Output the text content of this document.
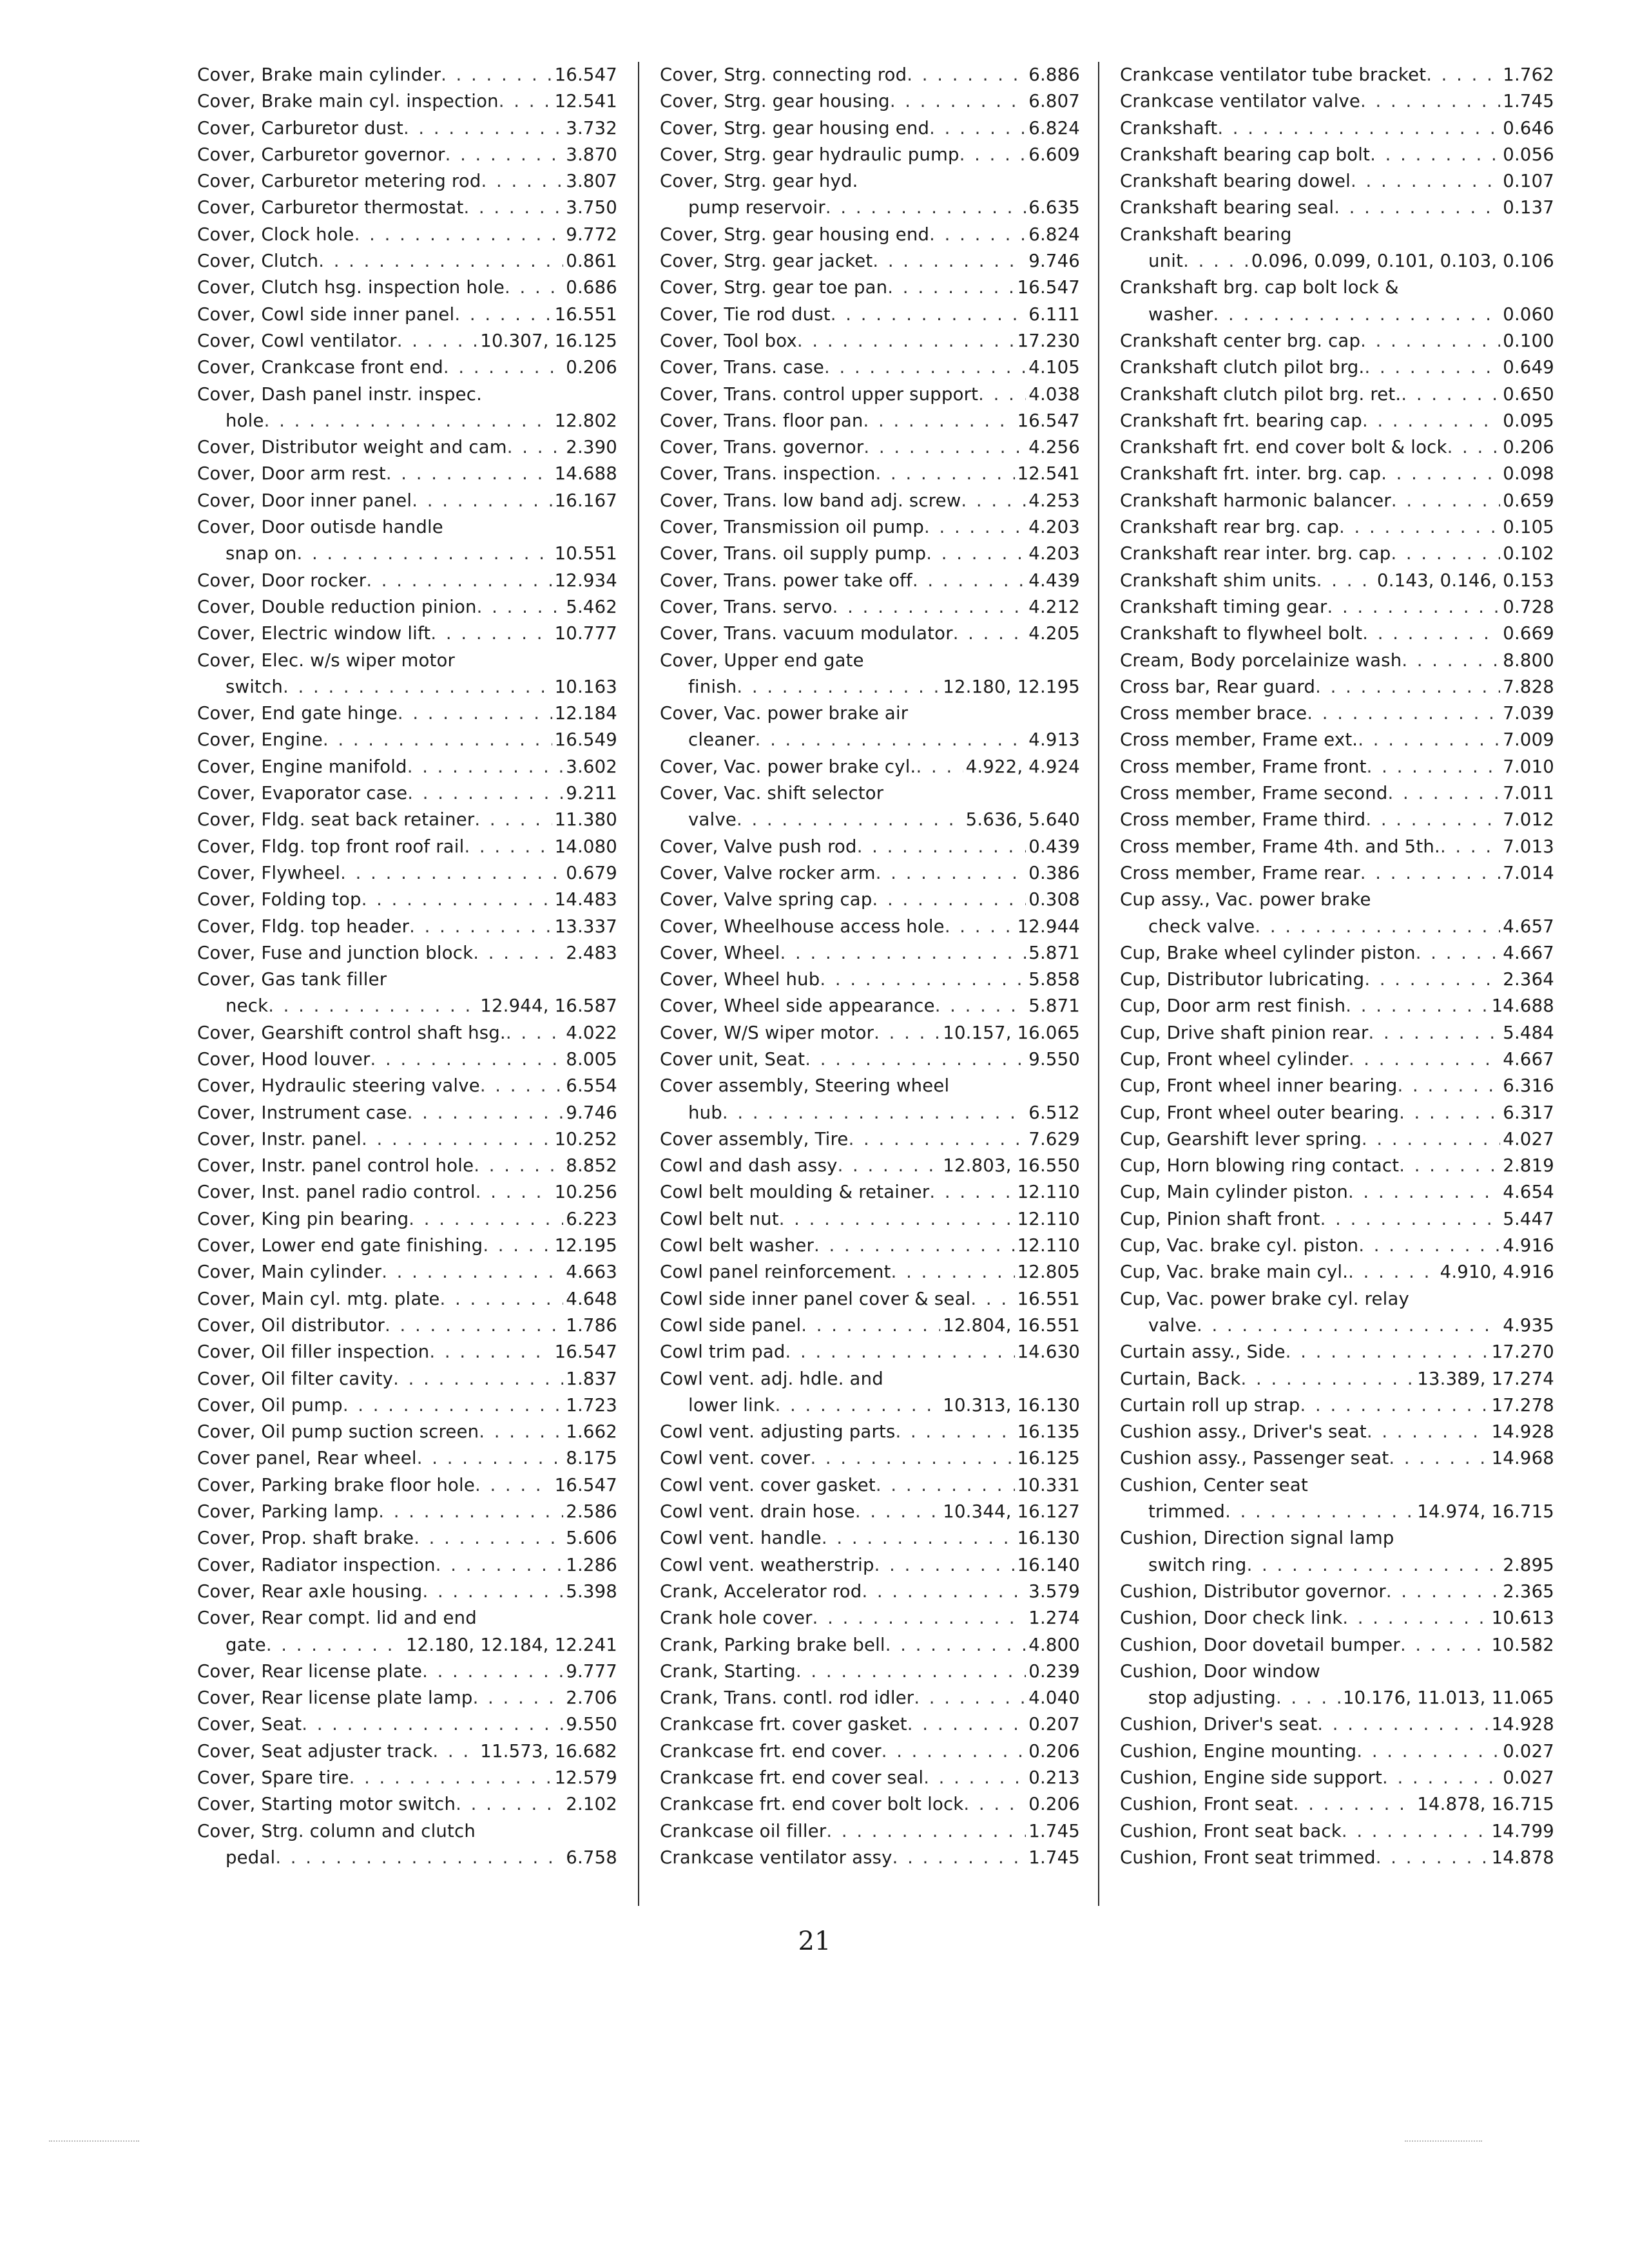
Cover, Brake main cylinder . . .	16.547
Cover, Brake main cyl. inspection . . .	12.541
Cover, Carburetor dust . . .	3.732
Cover, Carburetor governor . . .	3.870
Cover, Carburetor metering rod . . .	3.807
Cover, Carburetor thermostat . . .	3.750
Cover, Clock hole . . .	9.772
Cover, Clutch . . .	0.861
Cover, Clutch hsg. inspection hole . . .	0.686
Cover, Cowl side inner panel . . .	16.551
Cover, Cowl ventilator . . .	10.307, 16.125
Cover, Crankcase front end . . .	0.206
Cover, Dash panel instr. inspec.
hole . . .	12.802
Cover, Distributor weight and cam . . .	2.390
Cover, Door arm rest . . .	14.688
Cover, Door inner panel . . .	16.167
Cover, Door outisde handle
snap on . . .	10.551
Cover, Door rocker . . .	12.934
Cover, Double reduction pinion . . .	5.462
Cover, Electric window lift . . .	10.777
Cover, Elec. w/s wiper motor
switch . . .	10.163
Cover, End gate hinge . . .	12.184
Cover, Engine . . .	16.549
Cover, Engine manifold . . .	3.602
Cover, Evaporator case . . .	9.211
Cover, Fldg. seat back retainer . . .	11.380
Cover, Fldg. top front roof rail . . .	14.080
Cover, Flywheel . . .	0.679
Cover, Folding top . . .	14.483
Cover, Fldg. top header . . .	13.337
Cover, Fuse and junction block . . .	2.483
Cover, Gas tank filler
neck . . .	12.944, 16.587
Cover, Gearshift control shaft hsg. . . .	4.022
Cover, Hood louver . . .	8.005
Cover, Hydraulic steering valve . . .	6.554
Cover, Instrument case . . .	9.746
Cover, Instr. panel . . .	10.252
Cover, Instr. panel control hole . . .	8.852
Cover, Inst. panel radio control . . .	10.256
Cover, King pin bearing . . .	6.223
Cover, Lower end gate finishing . . .	12.195
Cover, Main cylinder . . .	4.663
Cover, Main cyl. mtg. plate . . .	4.648
Cover, Oil distributor . . .	1.786
Cover, Oil filler inspection . . .	16.547
Cover, Oil filter cavity . . .	1.837
Cover, Oil pump . . .	1.723
Cover, Oil pump suction screen . . .	1.662
Cover panel, Rear wheel . . .	8.175
Cover, Parking brake floor hole . . .	16.547
Cover, Parking lamp . . .	2.586
Cover, Prop. shaft brake . . .	5.606
Cover, Radiator inspection . . .	1.286
Cover, Rear axle housing . . .	5.398
Cover, Rear compt. lid and end
gate . . .	12.180, 12.184, 12.241
Cover, Rear license plate . . .	9.777
Cover, Rear license plate lamp . . .	2.706
Cover, Seat . . .	9.550
Cover, Seat adjuster track . . .	11.573, 16.682
Cover, Spare tire . . .	12.579
Cover, Starting motor switch . . .	2.102
Cover, Strg. column and clutch
pedal . . .	6.758
Cover, Strg. connecting rod . . .	6.886
Cover, Strg. gear housing . . .	6.807
Cover, Strg. gear housing end . . .	6.824
Cover, Strg. gear hydraulic pump . . .	6.609
Cover, Strg. gear hyd.
pump reservoir . . .	6.635
Cover, Strg. gear housing end . . .	6.824
Cover, Strg. gear jacket . . .	9.746
Cover, Strg. gear toe pan . . .	16.547
Cover, Tie rod dust . . .	6.111
Cover, Tool box . . .	17.230
Cover, Trans. case . . .	4.105
Cover, Trans. control upper support . . .	4.038
Cover, Trans. floor pan . . .	16.547
Cover, Trans. governor . . .	4.256
Cover, Trans. inspection . . .	12.541
Cover, Trans. low band adj. screw . . .	4.253
Cover, Transmission oil pump . . .	4.203
Cover, Trans. oil supply pump . . .	4.203
Cover, Trans. power take off . . .	4.439
Cover, Trans. servo . . .	4.212
Cover, Trans. vacuum modulator . . .	4.205
Cover, Upper end gate
finish . . .	12.180, 12.195
Cover, Vac. power brake air
cleaner . . .	4.913
Cover, Vac. power brake cyl. . . .	4.922, 4.924
Cover, Vac. shift selector
valve . . .	5.636, 5.640
Cover, Valve push rod . . .	0.439
Cover, Valve rocker arm . . .	0.386
Cover, Valve spring cap . . .	0.308
Cover, Wheelhouse access hole . . .	12.944
Cover, Wheel . . .	5.871
Cover, Wheel hub . . .	5.858
Cover, Wheel side appearance . . .	5.871
Cover, W/S wiper motor . . .	10.157, 16.065
Cover unit, Seat . . .	9.550
Cover assembly, Steering wheel
hub . . .	6.512
Cover assembly, Tire . . .	7.629
Cowl and dash assy . . .	12.803, 16.550
Cowl belt moulding & retainer . . .	12.110
Cowl belt nut . . .	12.110
Cowl belt washer . . .	12.110
Cowl panel reinforcement . . .	12.805
Cowl side inner panel cover & seal . . .	16.551
Cowl side panel . . .	12.804, 16.551
Cowl trim pad . . .	14.630
Cowl vent. adj. hdle. and
lower link . . .	10.313, 16.130
Cowl vent. adjusting parts . . .	16.135
Cowl vent. cover . . .	16.125
Cowl vent. cover gasket . . .	10.331
Cowl vent. drain hose . . .	10.344, 16.127
Cowl vent. handle . . .	16.130
Cowl vent. weatherstrip . . .	16.140
Crank, Accelerator rod . . .	3.579
Crank hole cover . . .	1.274
Crank, Parking brake bell . . .	4.800
Crank, Starting . . .	0.239
Crank, Trans. contl. rod idler . . .	4.040
Crankcase frt. cover gasket . . .	0.207
Crankcase frt. end cover . . .	0.206
Crankcase frt. end cover seal . . .	0.213
Crankcase frt. end cover bolt lock . . .	0.206
Crankcase oil filler . . .	1.745
Crankcase ventilator assy . . .	1.745
Crankcase ventilator tube bracket . . .	1.762
Crankcase ventilator valve . . .	1.745
Crankshaft . . .	0.646
Crankshaft bearing cap bolt . . .	0.056
Crankshaft bearing dowel . . .	0.107
Crankshaft bearing seal . . .	0.137
Crankshaft bearing
unit . . .	0.096, 0.099, 0.101, 0.103, 0.106
Crankshaft brg. cap bolt lock &
washer . . .	0.060
Crankshaft center brg. cap . . .	0.100
Crankshaft clutch pilot brg. . . .	0.649
Crankshaft clutch pilot brg. ret. . . .	0.650
Crankshaft frt. bearing cap . . .	0.095
Crankshaft frt. end cover bolt & lock . . .	0.206
Crankshaft frt. inter. brg. cap . . .	0.098
Crankshaft harmonic balancer . . .	0.659
Crankshaft rear brg. cap . . .	0.105
Crankshaft rear inter. brg. cap . . .	0.102
Crankshaft shim units . . .	0.143, 0.146, 0.153
Crankshaft timing gear . . .	0.728
Crankshaft to flywheel bolt . . .	0.669
Cream, Body porcelainize wash . . .	8.800
Cross bar, Rear guard . . .	7.828
Cross member brace . . .	7.039
Cross member, Frame ext. . . .	7.009
Cross member, Frame front . . .	7.010
Cross member, Frame second . . .	7.011
Cross member, Frame third . . .	7.012
Cross member, Frame 4th. and 5th. . . .	7.013
Cross member, Frame rear . . .	7.014
Cup assy., Vac. power brake
check valve . . .	4.657
Cup, Brake wheel cylinder piston . . .	4.667
Cup, Distributor lubricating . . .	2.364
Cup, Door arm rest finish . . .	14.688
Cup, Drive shaft pinion rear . . .	5.484
Cup, Front wheel cylinder . . .	4.667
Cup, Front wheel inner bearing . . .	6.316
Cup, Front wheel outer bearing . . .	6.317
Cup, Gearshift lever spring . . .	4.027
Cup, Horn blowing ring contact . . .	2.819
Cup, Main cylinder piston . . .	4.654
Cup, Pinion shaft front . . .	5.447
Cup, Vac. brake cyl. piston . . .	4.916
Cup, Vac. brake main cyl. . . .	4.910, 4.916
Cup, Vac. power brake cyl. relay
valve . . .	4.935
Curtain assy., Side . . .	17.270
Curtain, Back . . .	13.389, 17.274
Curtain roll up strap . . .	17.278
Cushion assy., Driver's seat . . .	14.928
Cushion assy., Passenger seat . . .	14.968
Cushion, Center seat
trimmed . . .	14.974, 16.715
Cushion, Direction signal lamp
switch ring . . .	2.895
Cushion, Distributor governor . . .	2.365
Cushion, Door check link . . .	10.613
Cushion, Door dovetail bumper . . .	10.582
Cushion, Door window
stop adjusting . . .	10.176, 11.013, 11.065
Cushion, Driver's seat . . .	14.928
Cushion, Engine mounting . . .	0.027
Cushion, Engine side support . . .	0.027
Cushion, Front seat . . .	14.878, 16.715
Cushion, Front seat back . . .	14.799
Cushion, Front seat trimmed . . .	14.878
21
